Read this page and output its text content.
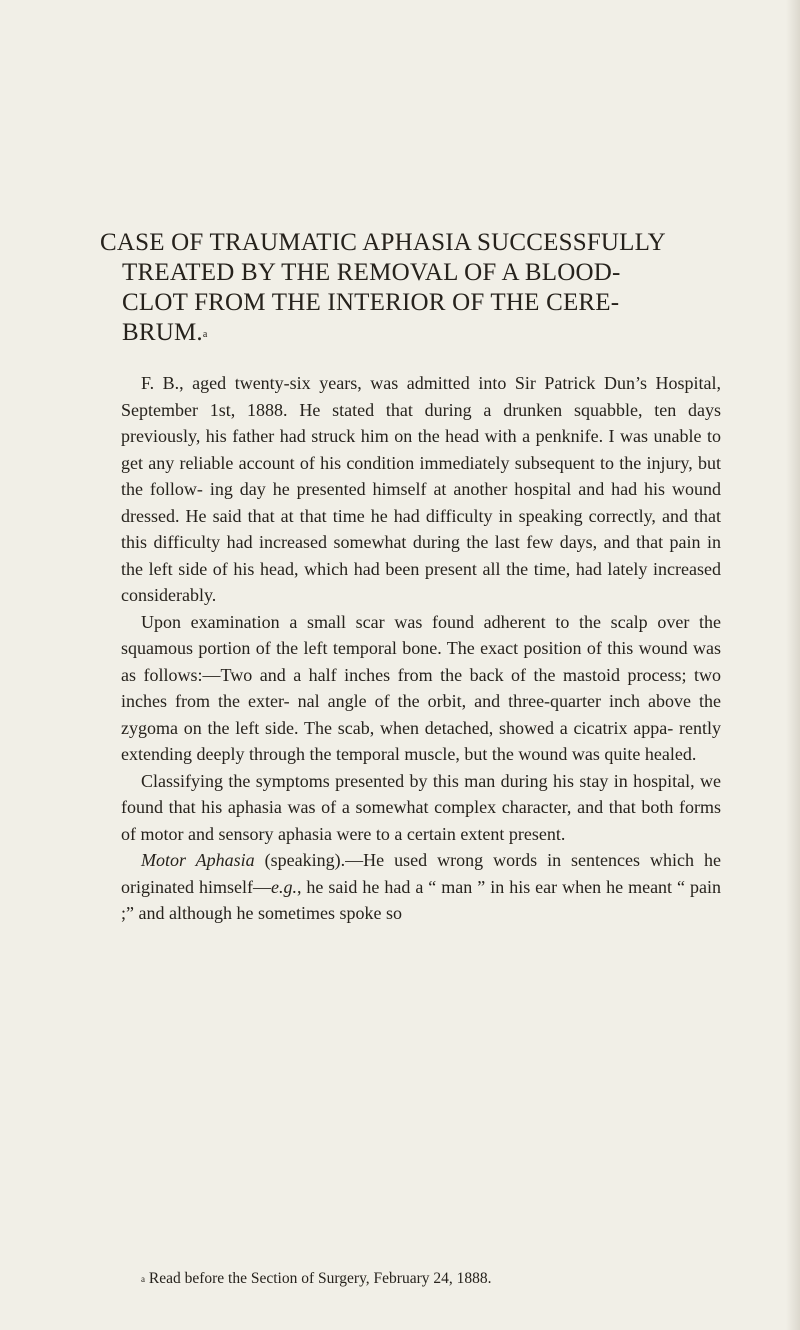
CASE OF TRAUMATIC APHASIA SUCCESSFULLY
TREATED BY THE REMOVAL OF A BLOOD-
CLOT FROM THE INTERIOR OF THE CERE-
BRUM.$^a$

F. B., aged twenty-six years, was admitted into Sir Patrick Dun’s Hospital, September 1st, 1888. He stated that during a drunken squabble, ten days previously, his father had struck him on the head with a penknife. I was unable to get any reliable account of his condition immediately subsequent to the injury, but the follow- ing day he presented himself at another hospital and had his wound dressed. He said that at that time he had difficulty in speaking correctly, and that this difficulty had increased somewhat during the last few days, and that pain in the left side of his head, which had been present all the time, had lately increased considerably.

Upon examination a small scar was found adherent to the scalp over the squamous portion of the left temporal bone. The exact position of this wound was as follows:—Two and a half inches from the back of the mastoid process; two inches from the exter- nal angle of the orbit, and three-quarter inch above the zygoma on the left side. The scab, when detached, showed a cicatrix appa- rently extending deeply through the temporal muscle, but the wound was quite healed.

Classifying the symptoms presented by this man during his stay in hospital, we found that his aphasia was of a somewhat complex character, and that both forms of motor and sensory aphasia were to a certain extent present.

Motor Aphasia (speaking).—He used wrong words in sentences which he originated himself—e.g., he said he had a “ man ” in his ear when he meant “ pain ;” and although he sometimes spoke so

$^a$ Read before the Section of Surgery, February 24, 1888.
